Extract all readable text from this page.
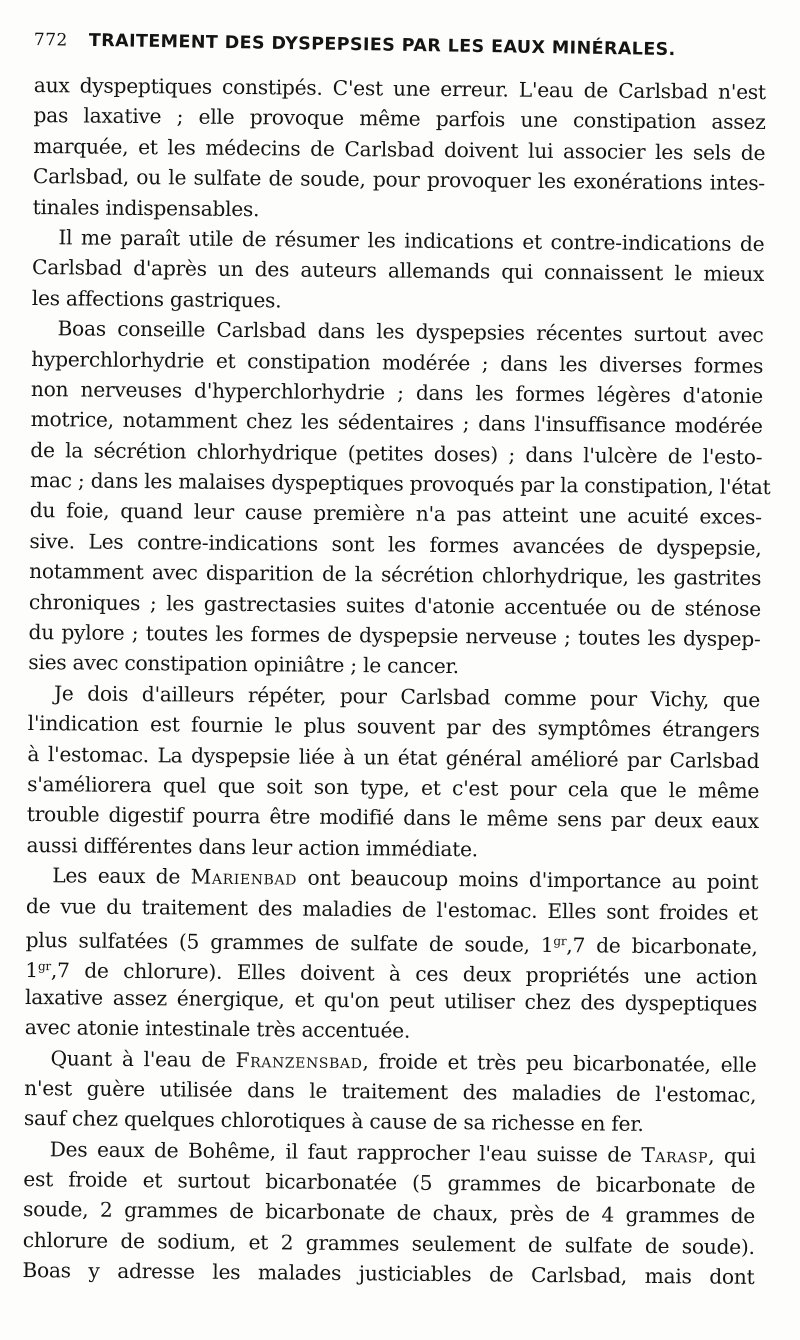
772 TRAITEMENT DES DYSPEPSIES PAR LES EAUX MINÉRALES.
aux dyspeptiques constipés. C'est une erreur. L'eau de Carlsbad n'est
pas laxative ; elle provoque même parfois une constipation assez
marquée, et les médecins de Carlsbad doivent lui associer les sels de
Carlsbad, ou le sulfate de soude, pour provoquer les exonérations intes-
tinales indispensables.
Il me paraît utile de résumer les indications et contre-indications de
Carlsbad d'après un des auteurs allemands qui connaissent le mieux
les affections gastriques.
Boas conseille Carlsbad dans les dyspepsies récentes surtout avec
hyperchlorhydrie et constipation modérée ; dans les diverses formes
non nerveuses d'hyperchlorhydrie ; dans les formes légères d'atonie
motrice, notamment chez les sédentaires ; dans l'insuffisance modérée
de la sécrétion chlorhydrique (petites doses) ; dans l'ulcère de l'esto-
mac ; dans les malaises dyspeptiques provoqués par la constipation, l'état
du foie, quand leur cause première n'a pas atteint une acuité exces-
sive. Les contre-indications sont les formes avancées de dyspepsie,
notamment avec disparition de la sécrétion chlorhydrique, les gastrites
chroniques ; les gastrectasies suites d'atonie accentuée ou de sténose
du pylore ; toutes les formes de dyspepsie nerveuse ; toutes les dyspep-
sies avec constipation opiniâtre ; le cancer.
Je dois d'ailleurs répéter, pour Carlsbad comme pour Vichy, que
l'indication est fournie le plus souvent par des symptômes étrangers
à l'estomac. La dyspepsie liée à un état général amélioré par Carlsbad
s'améliorera quel que soit son type, et c'est pour cela que le même
trouble digestif pourra être modifié dans le même sens par deux eaux
aussi différentes dans leur action immédiate.
Les eaux de Marienbad ont beaucoup moins d'importance au point
de vue du traitement des maladies de l'estomac. Elles sont froides et
plus sulfatées (5 grammes de sulfate de soude, $1^{gr},7$ de bicarbonate,
$1^{gr},7$ de chlorure). Elles doivent à ces deux propriétés une action
laxative assez énergique, et qu'on peut utiliser chez des dyspeptiques
avec atonie intestinale très accentuée.
Quant à l'eau de Franzensbad, froide et très peu bicarbonatée, elle
n'est guère utilisée dans le traitement des maladies de l'estomac,
sauf chez quelques chlorotiques à cause de sa richesse en fer.
Des eaux de Bohême, il faut rapprocher l'eau suisse de Tarasp, qui
est froide et surtout bicarbonatée (5 grammes de bicarbonate de
soude, 2 grammes de bicarbonate de chaux, près de 4 grammes de
chlorure de sodium, et 2 grammes seulement de sulfate de soude).
Boas y adresse les malades justiciables de Carlsbad, mais dont
